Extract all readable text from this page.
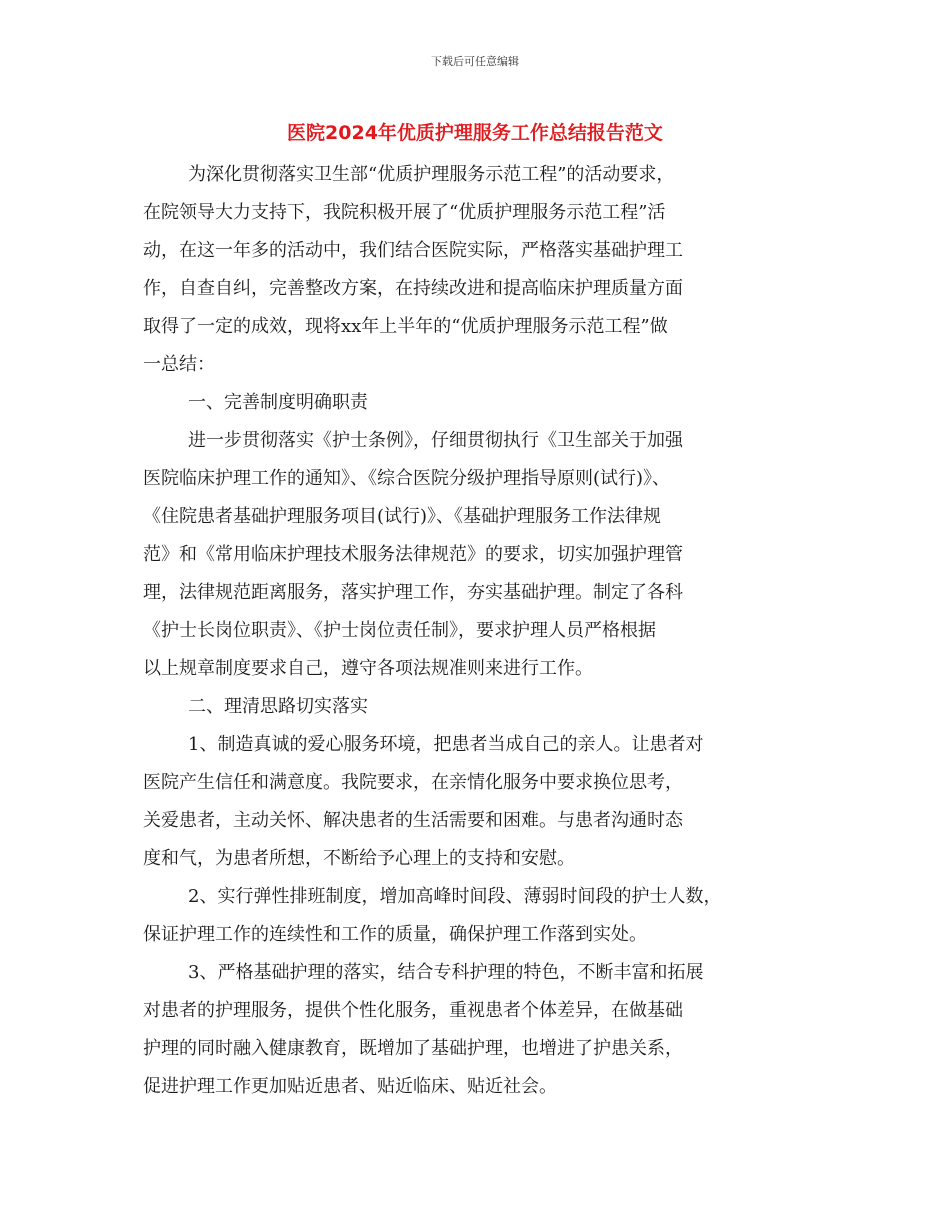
下载后可任意编辑
医院2024年优质护理服务工作总结报告范文

为深化贯彻落实卫生部“优质护理服务示范工程”的活动要求，

在院领导大力支持下，我院积极开展了“优质护理服务示范工程”活

动，在这一年多的活动中，我们结合医院实际，严格落实基础护理工

作，自查自纠，完善整改方案，在持续改进和提高临床护理质量方面

取得了一定的成效，现将xx年上半年的“优质护理服务示范工程”做

一总结：

一、完善制度明确职责

进一步贯彻落实《护士条例》，仔细贯彻执行《卫生部关于加强

医院临床护理工作的通知》、《综合医院分级护理指导原则(试行)》、

《住院患者基础护理服务项目(试行)》、《基础护理服务工作法律规

范》和《常用临床护理技术服务法律规范》的要求，切实加强护理管

理，法律规范距离服务，落实护理工作，夯实基础护理。制定了各科

《护士长岗位职责》、《护士岗位责任制》，要求护理人员严格根据

以上规章制度要求自己，遵守各项法规准则来进行工作。

二、理清思路切实落实

1、制造真诚的爱心服务环境，把患者当成自己的亲人。让患者对

医院产生信任和满意度。我院要求，在亲情化服务中要求换位思考，

关爱患者，主动关怀、解决患者的生活需要和困难。与患者沟通时态

度和气，为患者所想，不断给予心理上的支持和安慰。

2、实行弹性排班制度，增加高峰时间段、薄弱时间段的护士人数，

保证护理工作的连续性和工作的质量，确保护理工作落到实处。

3、严格基础护理的落实，结合专科护理的特色，不断丰富和拓展

对患者的护理服务，提供个性化服务，重视患者个体差异，在做基础

护理的同时融入健康教育，既增加了基础护理，也增进了护患关系，

促进护理工作更加贴近患者、贴近临床、贴近社会。
